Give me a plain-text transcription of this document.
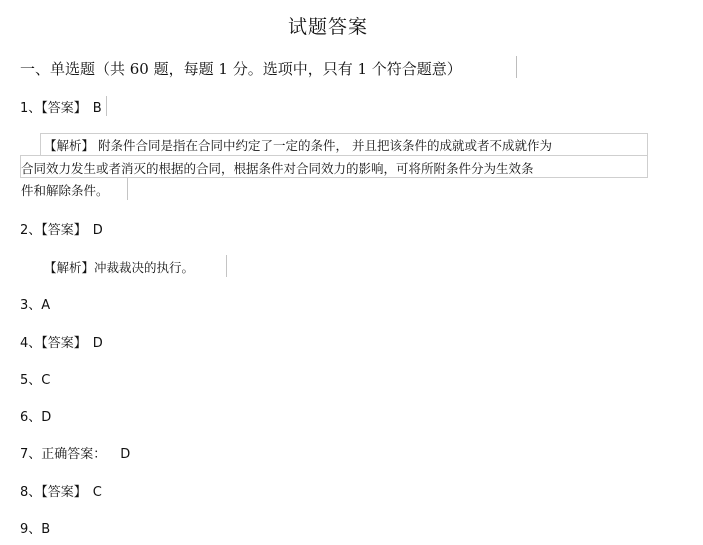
试题答案
一、单选题（共 60 题，每题 1 分。选项中，只有 1 个符合题意）
1、【答案】 B
【解析】 附条件合同是指在合同中约定了一定的条件， 并且把该条件的成就或者不成就作为
合同效力发生或者消灭的根据的合同，根据条件对合同效力的影响，可将所附条件分为生效条
件和解除条件。
2、【答案】 D
【解析】冲裁裁决的执行。
3、A
4、【答案】 D
5、C
6、D
7、正确答案： D
8、【答案】 C
9、B
